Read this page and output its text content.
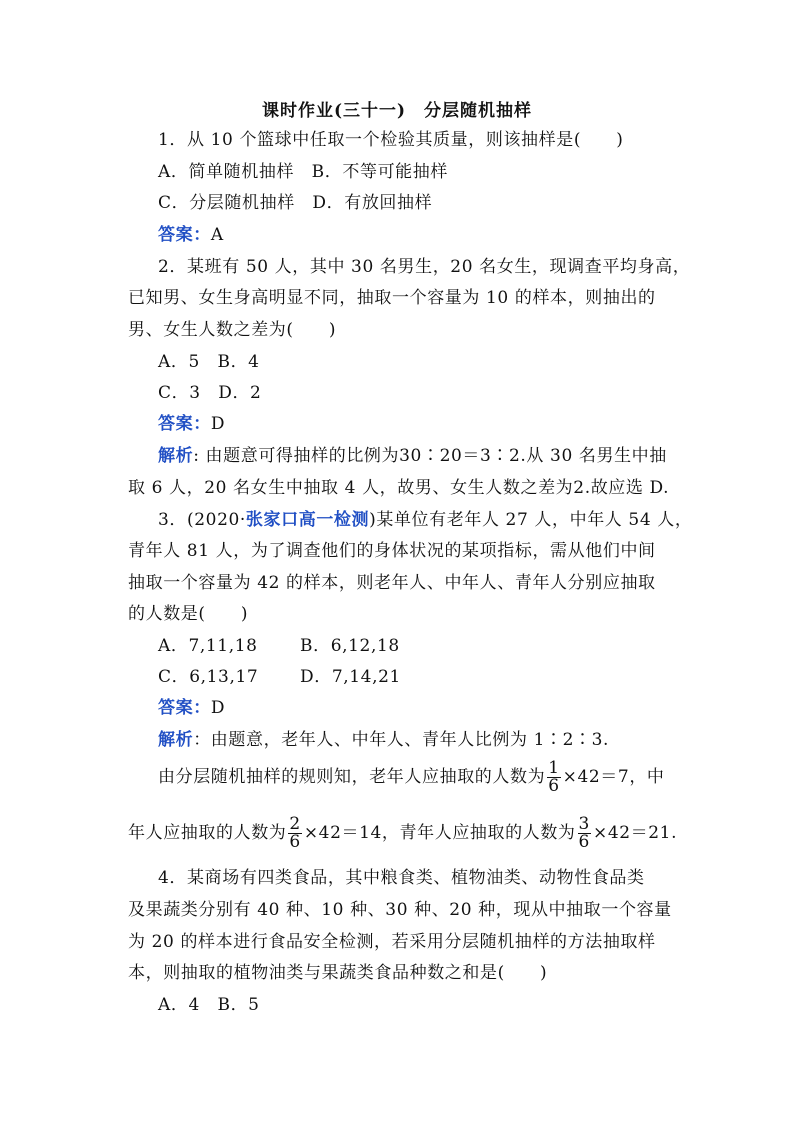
课时作业(三十一)　分层随机抽样
1．从 10 个篮球中任取一个检验其质量，则该抽样是(　　)
A．简单随机抽样　B．不等可能抽样
C．分层随机抽样　D．有放回抽样
答案：A
2．某班有 50 人，其中 30 名男生，20 名女生，现调查平均身高，
已知男、女生身高明显不同，抽取一个容量为 10 的样本，则抽出的
男、女生人数之差为(　　)
A．5　B．4
C．3　D．2
答案：D
解析: 由题意可得抽样的比例为30∶20＝3∶2.从 30 名男生中抽
取 6 人，20 名女生中抽取 4 人，故男、女生人数之差为2.故应选 D.
3．(2020·张家口高一检测)某单位有老年人 27 人，中年人 54 人，
青年人 81 人，为了调查他们的身体状况的某项指标，需从他们中间
抽取一个容量为 42 的样本，则老年人、中年人、青年人分别应抽取
的人数是(　　)
A．7,11,18 B．6,12,18
C．6,13,17 D．7,14,21
答案：D
解析：由题意，老年人、中年人、青年人比例为 1∶2∶3.
由分层随机抽样的规则知，老年人应抽取的人数为 $\frac{1}{6} \times 42=7$，中
年人应抽取的人数为 $\frac{2}{6} \times 42=14$，青年人应抽取的人数为 $\frac{3}{6} \times 42=21$.
4．某商场有四类食品，其中粮食类、植物油类、动物性食品类
及果蔬类分别有 40 种、10 种、30 种、20 种，现从中抽取一个容量
为 20 的样本进行食品安全检测，若采用分层随机抽样的方法抽取样
本，则抽取的植物油类与果蔬类食品种数之和是(　　)
A．4　B．5
